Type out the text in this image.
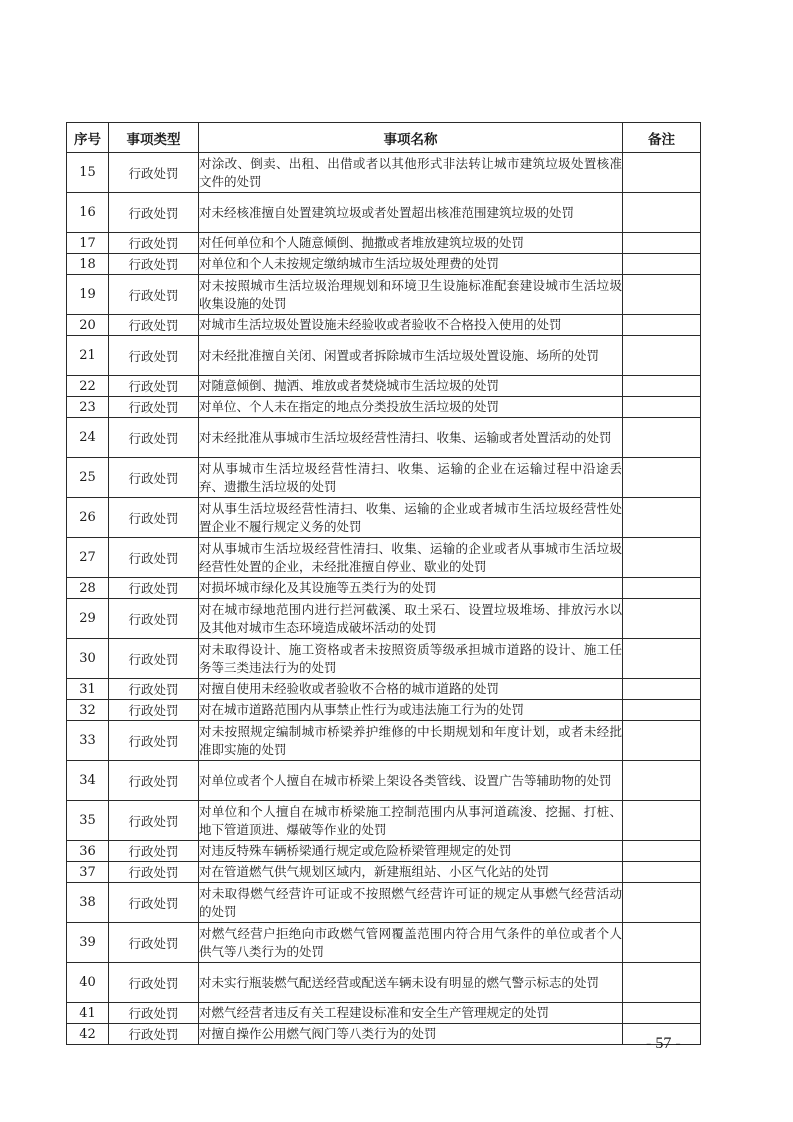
序号	事项类型	事项名称	备注
15	行政处罚	对涂改、倒卖、出租、出借或者以其他形式非法转让城市建筑垃圾处置核准文件的处罚	
16	行政处罚	对未经核准擅自处置建筑垃圾或者处置超出核准范围建筑垃圾的处罚	
17	行政处罚	对任何单位和个人随意倾倒、抛撒或者堆放建筑垃圾的处罚	
18	行政处罚	对单位和个人未按规定缴纳城市生活垃圾处理费的处罚	
19	行政处罚	对未按照城市生活垃圾治理规划和环境卫生设施标准配套建设城市生活垃圾收集设施的处罚	
20	行政处罚	对城市生活垃圾处置设施未经验收或者验收不合格投入使用的处罚	
21	行政处罚	对未经批准擅自关闭、闲置或者拆除城市生活垃圾处置设施、场所的处罚	
22	行政处罚	对随意倾倒、抛洒、堆放或者焚烧城市生活垃圾的处罚	
23	行政处罚	对单位、个人未在指定的地点分类投放生活垃圾的处罚	
24	行政处罚	对未经批准从事城市生活垃圾经营性清扫、收集、运输或者处置活动的处罚	
25	行政处罚	对从事城市生活垃圾经营性清扫、收集、运输的企业在运输过程中沿途丢弃、遗撒生活垃圾的处罚	
26	行政处罚	对从事生活垃圾经营性清扫、收集、运输的企业或者城市生活垃圾经营性处置企业不履行规定义务的处罚	
27	行政处罚	对从事城市生活垃圾经营性清扫、收集、运输的企业或者从事城市生活垃圾经营性处置的企业，未经批准擅自停业、歇业的处罚	
28	行政处罚	对损坏城市绿化及其设施等五类行为的处罚	
29	行政处罚	对在城市绿地范围内进行拦河截溪、取土采石、设置垃圾堆场、排放污水以及其他对城市生态环境造成破坏活动的处罚	
30	行政处罚	对未取得设计、施工资格或者未按照资质等级承担城市道路的设计、施工任务等三类违法行为的处罚	
31	行政处罚	对擅自使用未经验收或者验收不合格的城市道路的处罚	
32	行政处罚	对在城市道路范围内从事禁止性行为或违法施工行为的处罚	
33	行政处罚	对未按照规定编制城市桥梁养护维修的中长期规划和年度计划，或者未经批准即实施的处罚	
34	行政处罚	对单位或者个人擅自在城市桥梁上架设各类管线、设置广告等辅助物的处罚	
35	行政处罚	对单位和个人擅自在城市桥梁施工控制范围内从事河道疏浚、挖掘、打桩、地下管道顶进、爆破等作业的处罚	
36	行政处罚	对违反特殊车辆桥梁通行规定或危险桥梁管理规定的处罚	
37	行政处罚	对在管道燃气供气规划区域内，新建瓶组站、小区气化站的处罚	
38	行政处罚	对未取得燃气经营许可证或不按照燃气经营许可证的规定从事燃气经营活动的处罚	
39	行政处罚	对燃气经营户拒绝向市政燃气管网覆盖范围内符合用气条件的单位或者个人供气等八类行为的处罚	
40	行政处罚	对未实行瓶装燃气配送经营或配送车辆未设有明显的燃气警示标志的处罚	
41	行政处罚	对燃气经营者违反有关工程建设标准和安全生产管理规定的处罚	
42	行政处罚	对擅自操作公用燃气阀门等八类行为的处罚	
- 57 -
